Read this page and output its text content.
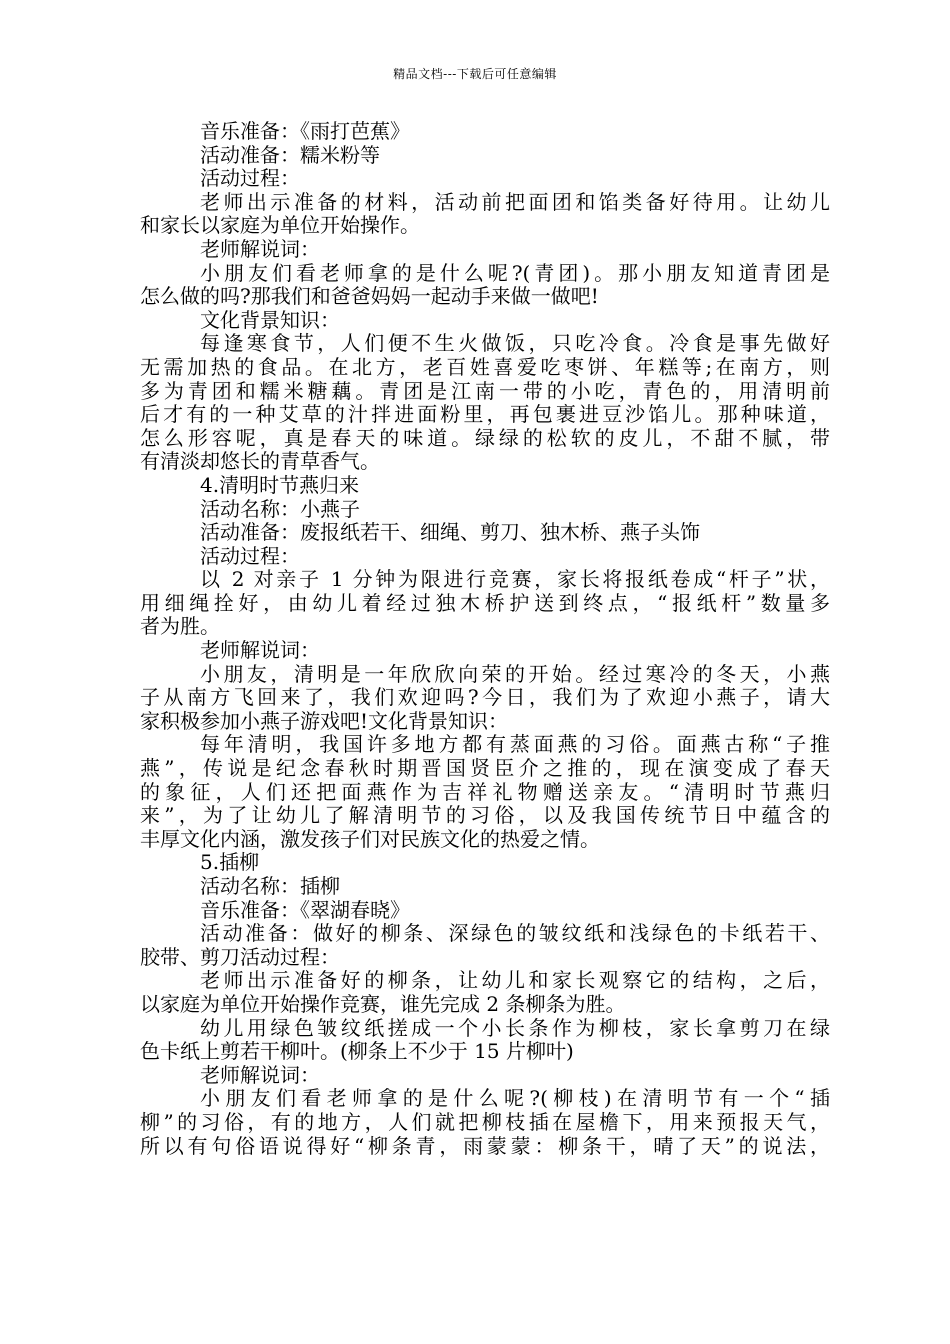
精品文档---下载后可任意编辑
音乐准备：《雨打芭蕉》
活动准备：糯米粉等
活动过程：
老师出示准备的材料，活动前把面团和馅类备好待用。让幼儿
和家长以家庭为单位开始操作。
老师解说词：
小朋友们看老师拿的是什么呢?(青团)。那小朋友知道青团是
怎么做的吗?那我们和爸爸妈妈一起动手来做一做吧!
文化背景知识：
每逢寒食节，人们便不生火做饭，只吃冷食。冷食是事先做好
无需加热的食品。在北方，老百姓喜爱吃枣饼、年糕等;在南方，则
多为青团和糯米糖藕。青团是江南一带的小吃，青色的，用清明前
后才有的一种艾草的汁拌进面粉里，再包裹进豆沙馅儿。那种味道，
怎么形容呢，真是春天的味道。绿绿的松软的皮儿，不甜不腻，带
有清淡却悠长的青草香气。
4.清明时节燕归来
活动名称：小燕子
活动准备：废报纸若干、细绳、剪刀、独木桥、燕子头饰
活动过程：
以 2 对亲子 1 分钟为限进行竞赛，家长将报纸卷成“杆子”状，
用细绳拴好，由幼儿着经过独木桥护送到终点，“报纸杆”数量多
者为胜。
老师解说词：
小朋友，清明是一年欣欣向荣的开始。经过寒冷的冬天，小燕
子从南方飞回来了，我们欢迎吗?今日，我们为了欢迎小燕子，请大
家积极参加小燕子游戏吧!文化背景知识：
每年清明，我国许多地方都有蒸面燕的习俗。面燕古称“子推
燕”，传说是纪念春秋时期晋国贤臣介之推的，现在演变成了春天
的象征，人们还把面燕作为吉祥礼物赠送亲友。“清明时节燕归
来”，为了让幼儿了解清明节的习俗，以及我国传统节日中蕴含的
丰厚文化内涵，激发孩子们对民族文化的热爱之情。
5.插柳
活动名称：插柳
音乐准备：《翠湖春晓》
活动准备：做好的柳条、深绿色的皱纹纸和浅绿色的卡纸若干、
胶带、剪刀活动过程：
老师出示准备好的柳条，让幼儿和家长观察它的结构，之后，
以家庭为单位开始操作竞赛，谁先完成 2 条柳条为胜。
幼儿用绿色皱纹纸搓成一个小长条作为柳枝，家长拿剪刀在绿
色卡纸上剪若干柳叶。(柳条上不少于 15 片柳叶)
老师解说词：
小朋友们看老师拿的是什么呢?(柳枝)在清明节有一个“插
柳”的习俗，有的地方，人们就把柳枝插在屋檐下，用来预报天气，
所以有句俗语说得好“柳条青，雨蒙蒙：柳条干，晴了天”的说法，
